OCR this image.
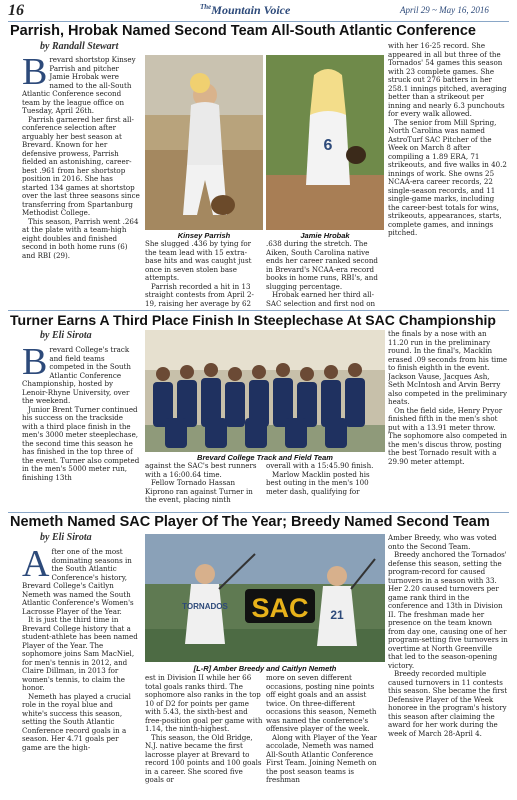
16	$^{The}$Mountain Voice	April 29 ~ May 16, 2016
Parrish, Hrobak Named Second Team All-South Atlantic Conference
by Randall Stewart
B revard shortstop Kinsey Parrish and pitcher Jamie Hrobak were named to the all-South Atlantic Conference second team by the league office on Tuesday, April 26th.

Parrish garnered her first all-conference selection after arguably her best season at Brevard. Known for her defensive prowess, Parrish fielded an astonishing, career-best .961 from her shortstop position in 2016. She has started 134 games at shortstop over the last three seasons since transferring from Spartanburg Methodist College.

This season, Parrish went .264 at the plate with a team-high eight doubles and finished second in both home runs (6) and RBI (29).

6
Kinsey Parrish	Jamie Hrobak

She slugged .436 by tying for the team lead with 15 extra-base hits and was caught just once in seven stolen base attempts.

Parrish recorded a hit in 13 straight contests from April 2-19, raising her average by 62

.638 during the stretch. The Aiken, South Carolina native ends her career ranked second in Brevard's NCAA-era record books in home runs, RBI's, and slugging percentage.

Hrobak earned her third all-SAC selection and first nod on

with her 16-25 record. She appeared in all but three of the Tornados' 54 games this season with 23 complete games. She struck out 276 batters in her 258.1 innings pitched, averaging better than a strikeout per inning and nearly 6.3 punchouts for every walk allowed.

The senior from Mill Spring, North Carolina was named AstroTurf SAC Pitcher of the Week on March 8 after compiling a 1.89 ERA, 71 strikeouts, and five walks in 40.2 innings of work. She owns 25 NCAA-era career records, 22 single-season records, and 11 single-game marks, including the career-best totals for wins, strikeouts, appearances, starts, complete games, and innings pitched.

Turner Earns A Third Place Finish In Steeplechase At SAC Championship
by Eli Sirota
B revard College's track and field teams competed in the South Atlantic Conference Championship, hosted by Lenoir-Rhyne University, over the weekend.

Junior Brent Turner continued his success on the trackside with a third place finish in the men's 3000 meter steeplechase, the second time this season he has finished in the top three of the event. Turner also competed in the men's 5000 meter run, finishing 13th

Brevard College Track and Field Team

against the SAC's best runners with a 16:00.64 time.

Fellow Tornado Hassan Kiprono ran against Turner in the event, placing ninth

overall with a 15:45.90 finish.

Marlow Macklin posted his best outing in the men's 100 meter dash, qualifying for

the finals by a nose with an 11.20 run in the preliminary round. In the final's, Macklin erased .09 seconds from his time to finish eighth in the event. Jackson Vause, Jacques Ash, Seth McIntosh and Arvin Berry also competed in the preliminary heats.

On the field side, Henry Pryor finished fifth in the men's shot put with a 13.91 meter throw. The sophomore also competed in the men's discus throw, posting the best Tornado result with a 29.90 meter attempt.

Nemeth Named SAC Player Of The Year; Breedy Named Second Team
by Eli Sirota
A fter one of the most dominating seasons in the South Atlantic Conference's history, Brevard College's Caitlyn Nemeth was named the South Atlantic Conference's Women's Lacrosse Player of the Year.

It is just the third time in Brevard College history that a student-athlete has been named Player of the Year. The sophomore joins Sam MacNiel, for men's tennis in 2012, and Claire Dillman, in 2013 for women's tennis, to claim the honor.

Nemeth has played a crucial role in the royal blue and white's success this season, setting the South Atlantic Conference record goals in a season. Her 4.71 goals per game are the high-

TORNADOS
21
SAC
[L-R] Amber Breedy and Caitlyn Nemeth

est in Division II while her 66 total goals ranks third. The sophomore also ranks in the top 10 of D2 for points per game with 5.43, the sixth-best and free-position goal per game with 1.14, the ninth-highest.

This season, the Old Bridge, N.J. native became the first lacrosse player at Brevard to record 100 points and 100 goals in a career. She scored five goals or

more on seven different occasions, posting nine points off eight goals and an assist twice. On three-different occasions this season, Nemeth was named the conference's offensive player of the week.

Along with Player of the Year accolade, Nemeth was named All-South Atlantic Conference First Team. Joining Nemeth on the post season teams is freshman

Amber Breedy, who was voted onto the Second Team.

Breedy anchored the Tornados' defense this season, setting the program-record for caused turnovers in a season with 33. Her 2.20 caused turnovers per game rank third in the conference and 13th in Division II. The freshman made her presence on the team known from day one, causing one of her program-setting five turnovers in overtime at North Greenville that led to the season-opening victory.

Breedy recorded multiple caused turnovers in 11 contests this season. She became the first Defensive Player of the Week honoree in the program's history this season after claiming the award for her work during the week of March 28-April 4.
